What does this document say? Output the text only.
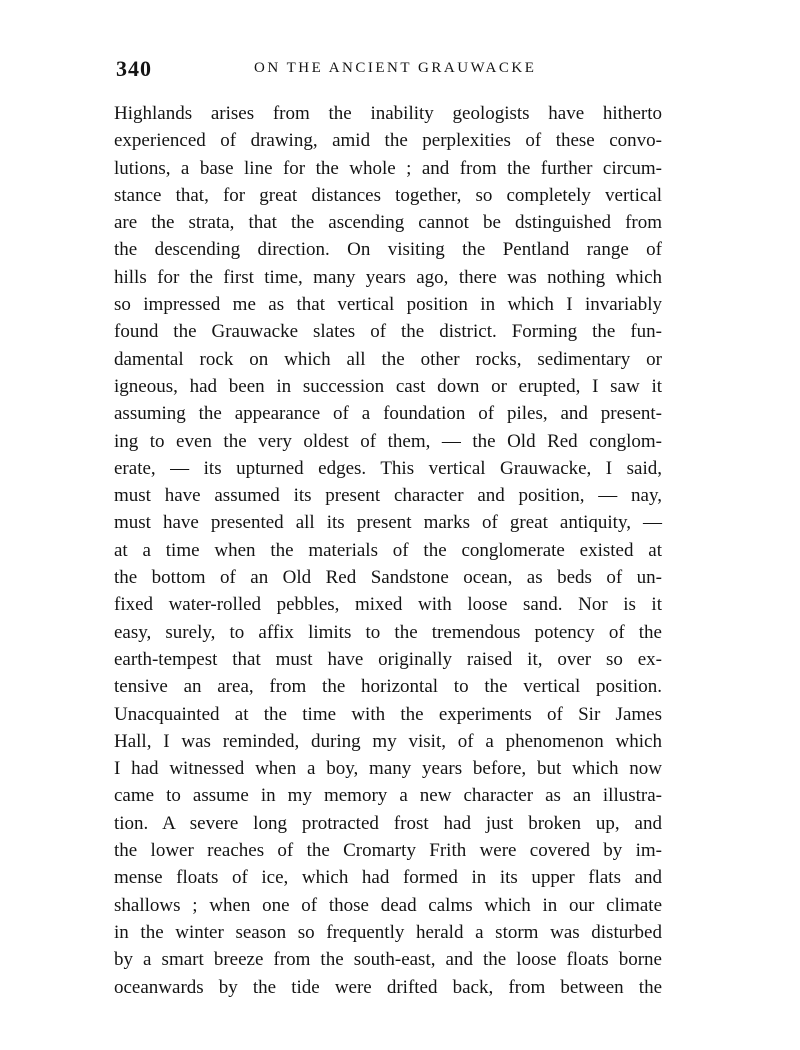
340	ON THE ANCIENT GRAUWACKE
Highlands arises from the inability geologists have hitherto
experienced of drawing, amid the perplexities of these convo-
lutions, a base line for the whole ; and from the further circum-
stance that, for great distances together, so completely vertical
are the strata, that the ascending cannot be dstinguished from
the descending direction. On visiting the Pentland range of
hills for the first time, many years ago, there was nothing which
so impressed me as that vertical position in which I invariably
found the Grauwacke slates of the district. Forming the fun-
damental rock on which all the other rocks, sedimentary or
igneous, had been in succession cast down or erupted, I saw it
assuming the appearance of a foundation of piles, and present-
ing to even the very oldest of them, — the Old Red conglom-
erate, — its upturned edges. This vertical Grauwacke, I said,
must have assumed its present character and position, — nay,
must have presented all its present marks of great antiquity, —
at a time when the materials of the conglomerate existed at
the bottom of an Old Red Sandstone ocean, as beds of un-
fixed water-rolled pebbles, mixed with loose sand. Nor is it
easy, surely, to affix limits to the tremendous potency of the
earth-tempest that must have originally raised it, over so ex-
tensive an area, from the horizontal to the vertical position.
Unacquainted at the time with the experiments of Sir James
Hall, I was reminded, during my visit, of a phenomenon which
I had witnessed when a boy, many years before, but which now
came to assume in my memory a new character as an illustra-
tion. A severe long protracted frost had just broken up, and
the lower reaches of the Cromarty Frith were covered by im-
mense floats of ice, which had formed in its upper flats and
shallows ; when one of those dead calms which in our climate
in the winter season so frequently herald a storm was disturbed
by a smart breeze from the south-east, and the loose floats borne
oceanwards by the tide were drifted back, from between the
